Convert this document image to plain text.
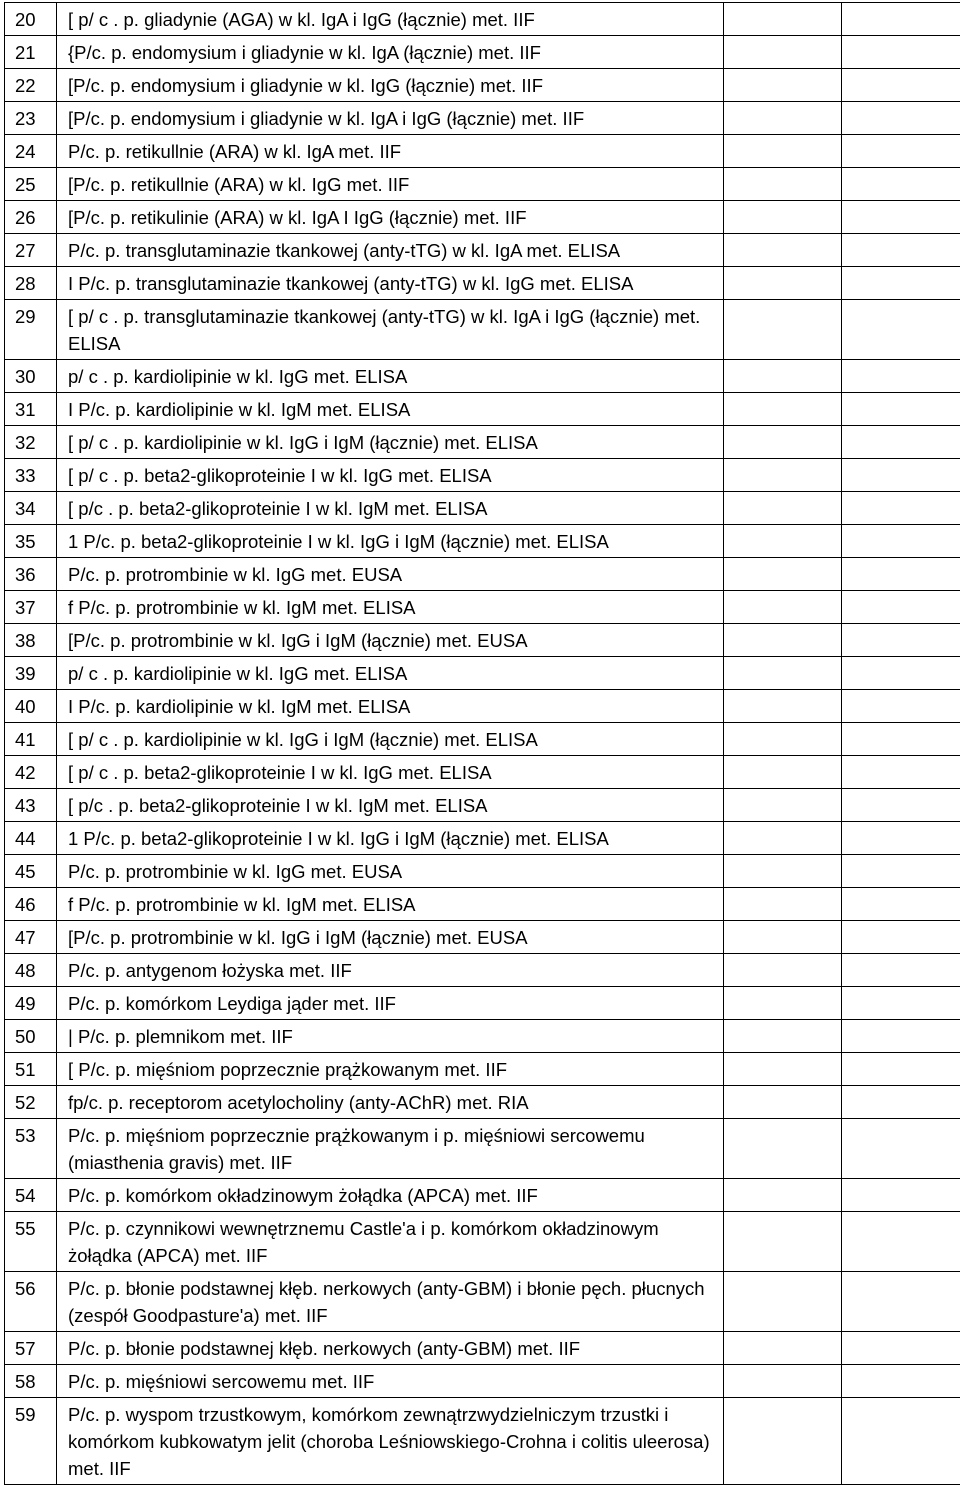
20	[ p/ c . p. gliadynie (AGA) w kl. IgA i IgG (łącznie) met. IIF		

21	{P/c. p. endomysium i gliadynie w kl. IgA (łącznie) met. IIF		

22	[P/c. p. endomysium i gliadynie w kl. IgG (łącznie) met. IIF		

23	[P/c. p. endomysium i gliadynie w kl. IgA i IgG (łącznie) met. IIF		

24	P/c. p. retikullnie (ARA) w kl. IgA met. IIF		

25	[P/c. p. retikullnie (ARA) w kl. IgG met. IIF		

26	[P/c. p. retikulinie (ARA) w kl. IgA I IgG (łącznie) met. IIF		

27	P/c. p. transglutaminazie tkankowej (anty-tTG) w kl. IgA met. ELISA		

28	I P/c. p. transglutaminazie tkankowej (anty-tTG) w kl. IgG met. ELISA		

29	[ p/ c . p. transglutaminazie tkankowej (anty-tTG) w kl. IgA i IgG (łącznie) met. ELISA		

30	p/ c . p. kardiolipinie w kl. IgG met. ELISA		

31	I P/c. p. kardiolipinie w kl. IgM met. ELISA		

32	[ p/ c . p. kardiolipinie w kl. IgG i IgM (łącznie) met. ELISA		

33	[ p/ c . p. beta2-glikoproteinie I w kl. IgG met. ELISA		

34	[ p/c . p. beta2-glikoproteinie I w kl. IgM met. ELISA		

35	1 P/c. p. beta2-glikoproteinie I w kl. IgG i IgM (łącznie) met. ELISA		

36	P/c. p. protrombinie w kl. IgG met. EUSA		

37	f P/c. p. protrombinie w kl. IgM met. ELISA		

38	[P/c. p. protrombinie w kl. IgG i IgM (łącznie) met. EUSA		

39	p/ c . p. kardiolipinie w kl. IgG met. ELISA		

40	I P/c. p. kardiolipinie w kl. IgM met. ELISA		

41	[ p/ c . p. kardiolipinie w kl. IgG i IgM (łącznie) met. ELISA		

42	[ p/ c . p. beta2-glikoproteinie I w kl. IgG met. ELISA		

43	[ p/c . p. beta2-glikoproteinie I w kl. IgM met. ELISA		

44	1 P/c. p. beta2-glikoproteinie I w kl. IgG i IgM (łącznie) met. ELISA		

45	P/c. p. protrombinie w kl. IgG met. EUSA		

46	f P/c. p. protrombinie w kl. IgM met. ELISA		

47	[P/c. p. protrombinie w kl. IgG i IgM (łącznie) met. EUSA		

48	P/c. p. antygenom łożyska met. IIF		

49	P/c. p. komórkom Leydiga jąder met. IIF		

50	| P/c. p. plemnikom met. IIF		

51	[ P/c. p. mięśniom poprzecznie prążkowanym met. IIF		

52	fp/c. p. receptorom acetylocholiny (anty-AChR) met. RIA		

53	P/c. p. mięśniom poprzecznie prążkowanym i p. mięśniowi sercowemu (miasthenia gravis) met. IIF		

54	P/c. p. komórkom okładzinowym żołądka (APCA) met. IIF		

55	P/c. p. czynnikowi wewnętrznemu Castle'a i p. komórkom okładzinowym żołądka (APCA) met. IIF		

56	P/c. p. błonie podstawnej kłęb. nerkowych (anty-GBM) i błonie pęch. płucnych (zespół Goodpasture'a) met. IIF		

57	P/c. p. błonie podstawnej kłęb. nerkowych (anty-GBM) met. IIF		

58	P/c. p. mięśniowi sercowemu met. IIF		

59	P/c. p. wyspom trzustkowym, komórkom zewnątrzwydzielniczym trzustki i komórkom kubkowatym jelit (choroba Leśniowskiego-Crohna i colitis uleerosa) met. IIF		
